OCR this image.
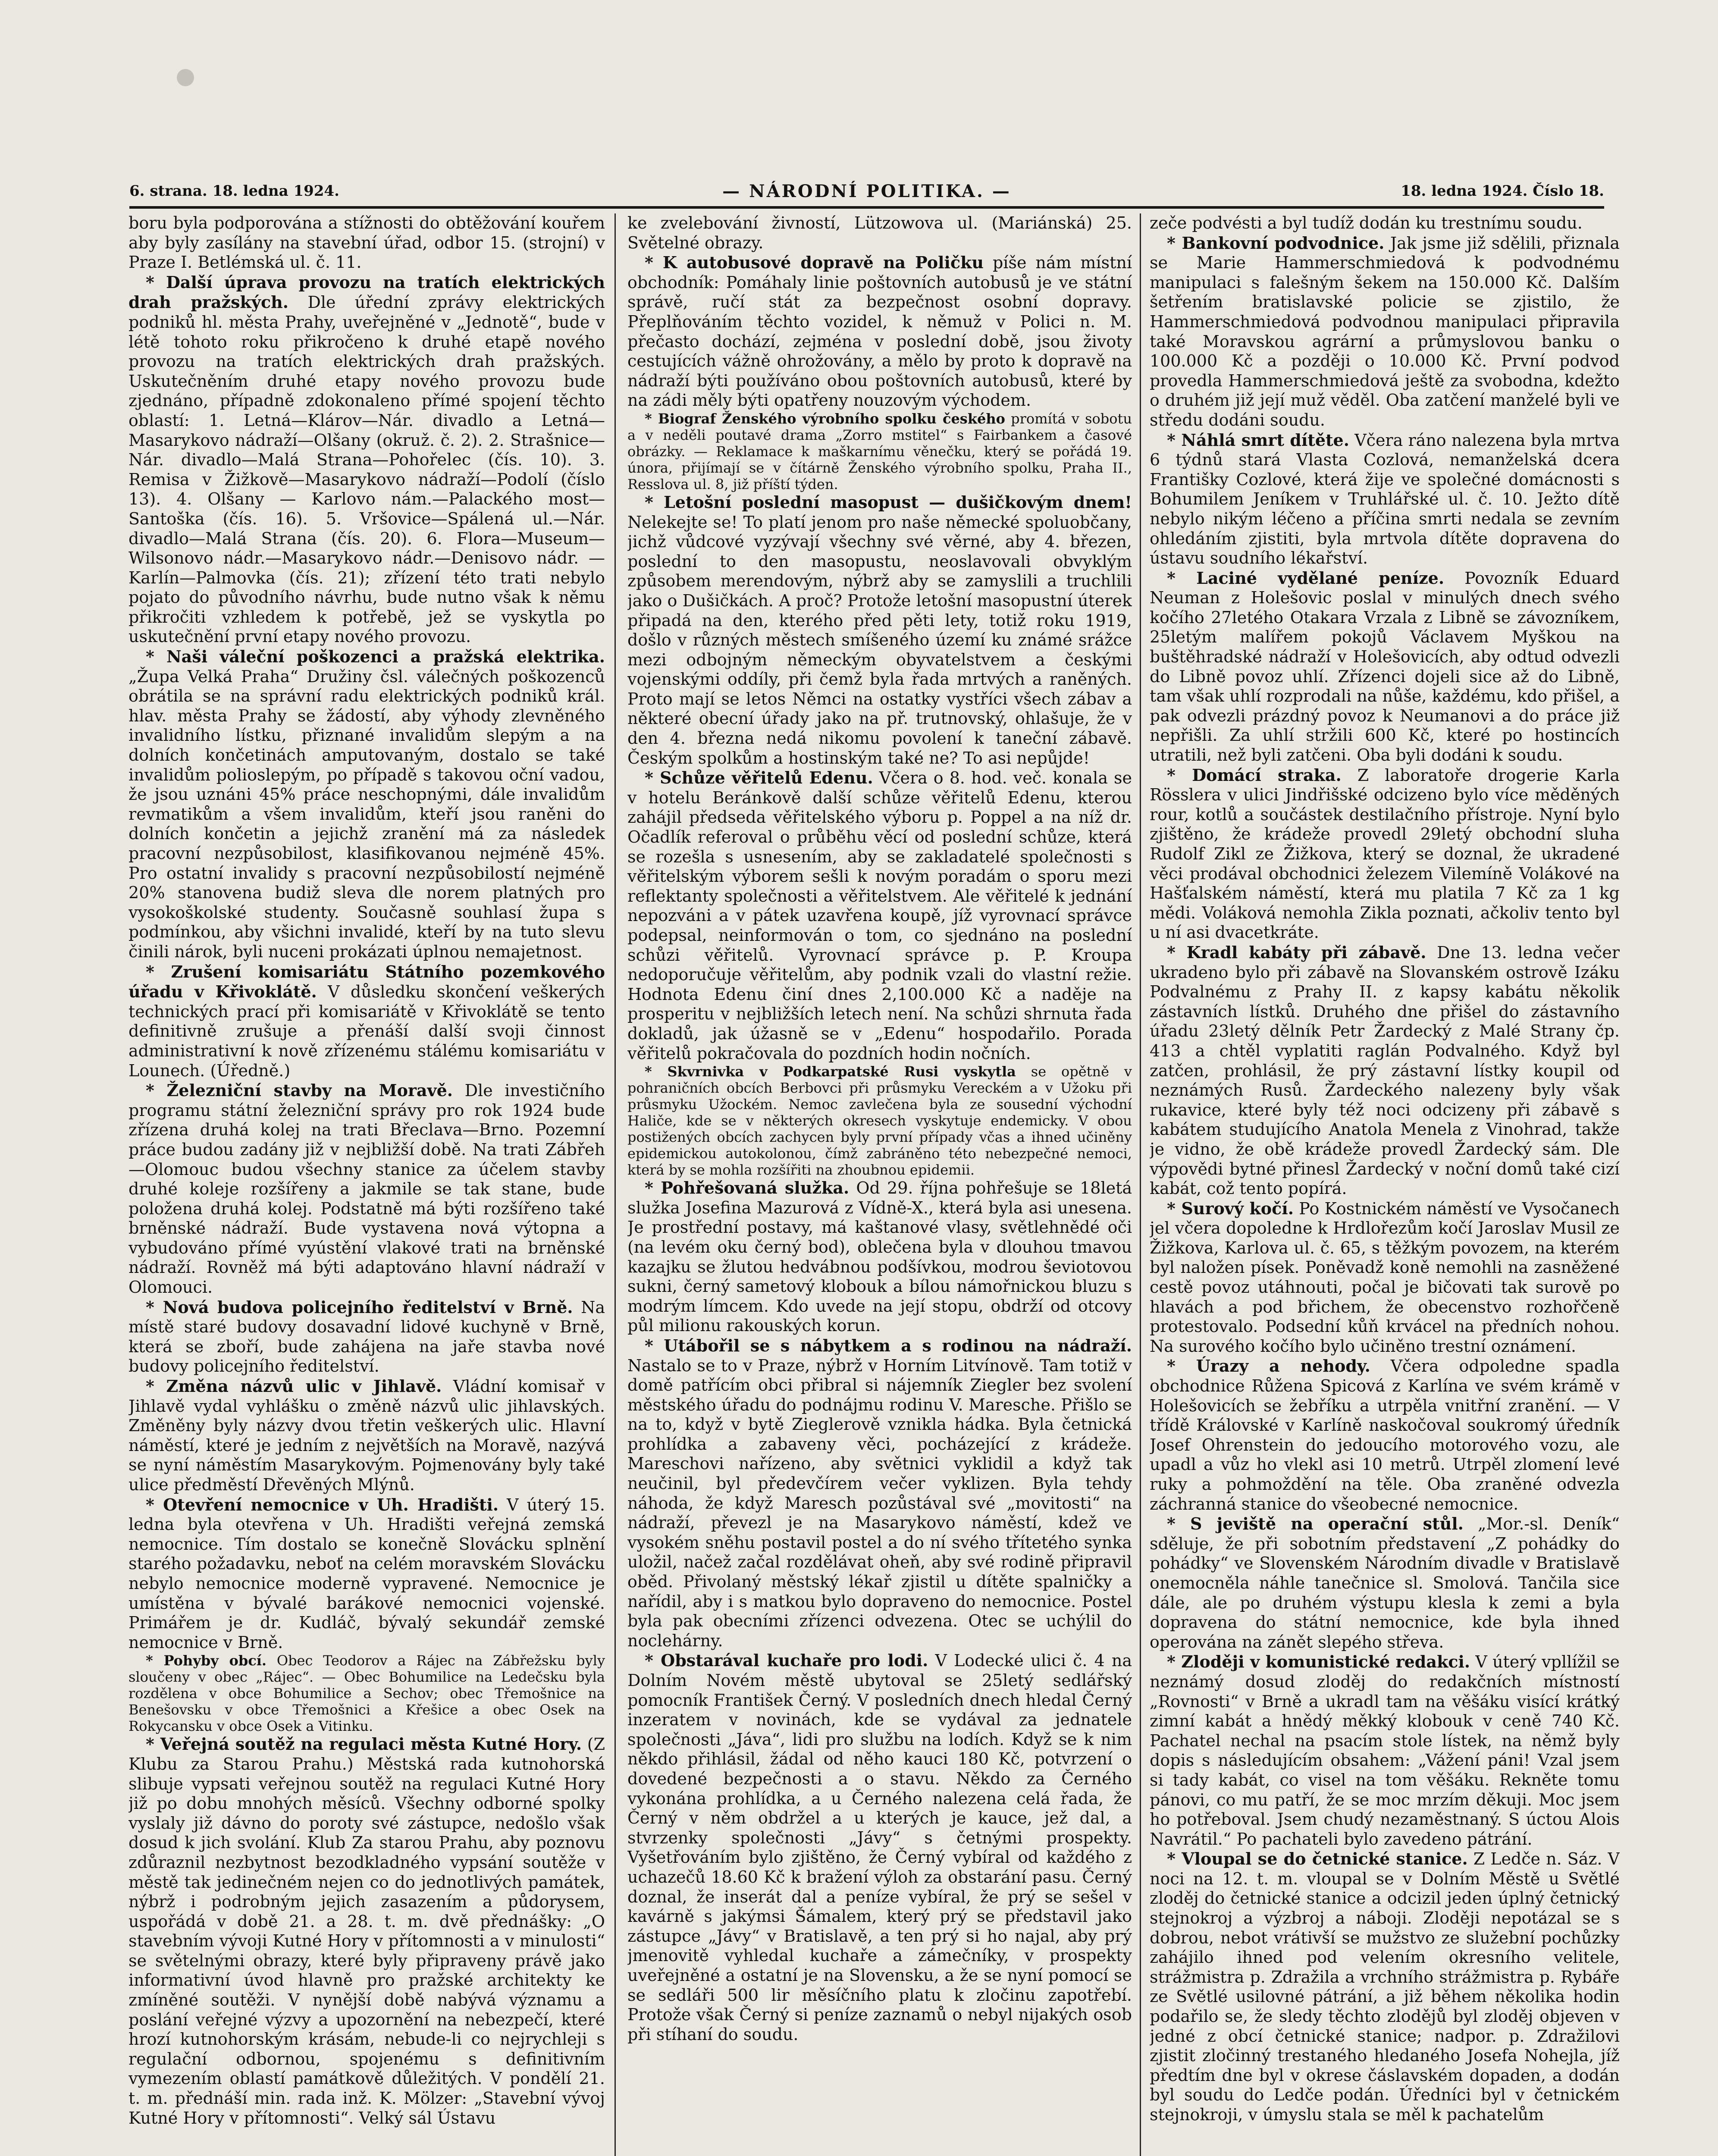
6. strana. 18. ledna 1924.	— NÁRODNÍ POLITIKA. —	18. ledna 1924. Číslo 18.

boru byla podporována a stížnosti do obtěžování kouřem aby byly zasílány na stavební úřad, odbor 15. (strojní) v Praze I. Betlémská ul. č. 11.

* Další úprava provozu na tratích elektrických drah pražských. Dle úřední zprávy elektrických podniků hl. města Prahy, uveřejněné v „Jednotě“, bude v létě tohoto roku přikročeno k druhé etapě nového provozu na tratích elektrických drah pražských. Uskutečněním druhé etapy nového provozu bude zjednáno, případně zdokonaleno přímé spojení těchto oblastí: 1. Letná—Klárov—Nár. divadlo a Letná—Masarykovo nádraží—Olšany (okruž. č. 2). 2. Strašnice—Nár. divadlo—Malá Strana—Pohořelec (čís. 10). 3. Remisa v Žižkově—Masarykovo nádraží—Podolí (číslo 13). 4. Olšany — Karlovo nám.—Palackého most—Santoška (čís. 16). 5. Vršovice—Spálená ul.—Nár. divadlo—Malá Strana (čís. 20). 6. Flora—Museum—Wilsonovo nádr.—Masarykovo nádr.—Denisovo nádr. — Karlín—Palmovka (čís. 21); zřízení této trati nebylo pojato do původního návrhu, bude nutno však k němu přikročiti vzhledem k potřebě, jež se vyskytla po uskutečnění první etapy nového provozu.

* Naši váleční poškozenci a pražská elektrika. „Župa Velká Praha“ Družiny čsl. válečných poškozenců obrátila se na správní radu elektrických podniků král. hlav. města Prahy se žádostí, aby výhody zlevněného invalidního lístku, přiznané invalidům slepým a na dolních končetinách amputovaným, dostalo se také invalidům polioslepým, po případě s takovou oční vadou, že jsou uznáni 45% práce neschopnými, dále invalidům revmatikům a všem invalidům, kteří jsou raněni do dolních končetin a jejichž zranění má za následek pracovní nezpůsobilost, klasifikovanou nejméně 45%. Pro ostatní invalidy s pracovní nezpůsobilostí nejméně 20% stanovena budiž sleva dle norem platných pro vysokoškolské studenty. Současně souhlasí župa s podmínkou, aby všichni invalidé, kteří by na tuto slevu činili nárok, byli nuceni prokázati úplnou nemajetnost.

* Zrušení komisariátu Státního pozemkového úřadu v Křivoklátě. V důsledku skončení veškerých technických prací při komisariátě v Křivoklátě se tento definitivně zrušuje a přenáší další svoji činnost administrativní k nově zřízenému stálému komisariátu v Lounech. (Úředně.)

* Železniční stavby na Moravě. Dle investičního programu státní železniční správy pro rok 1924 bude zřízena druhá kolej na trati Břeclava—Brno. Pozemní práce budou zadány již v nejbližší době. Na trati Zábřeh—Olomouc budou všechny stanice za účelem stavby druhé koleje rozšířeny a jakmile se tak stane, bude položena druhá kolej. Podstatně má býti rozšířeno také brněnské nádraží. Bude vystavena nová výtopna a vybudováno přímé vyústění vlakové trati na brněnské nádraží. Rovněž má býti adaptováno hlavní nádraží v Olomouci.

* Nová budova policejního ředitelství v Brně. Na místě staré budovy dosavadní lidové kuchyně v Brně, která se zboří, bude zahájena na jaře stavba nové budovy policejního ředitelství.

* Změna názvů ulic v Jihlavě. Vládní komisař v Jihlavě vydal vyhlášku o změně názvů ulic jihlavských. Změněny byly názvy dvou třetin veškerých ulic. Hlavní náměstí, které je jedním z největších na Moravě, nazývá se nyní náměstím Masarykovým. Pojmenovány byly také ulice předměstí Dřevěných Mlýnů.

* Otevření nemocnice v Uh. Hradišti. V úterý 15. ledna byla otevřena v Uh. Hradišti veřejná zemská nemocnice. Tím dostalo se konečně Slovácku splnění starého požadavku, neboť na celém moravském Slovácku nebylo nemocnice moderně vypravené. Nemocnice je umístěna v bývalé barákové nemocnici vojenské. Primářem je dr. Kudláč, bývalý sekundář zemské nemocnice v Brně.

* Pohyby obcí. Obec Teodorov a Rájec na Zábřežsku byly sloučeny v obec „Rájec“. — Obec Bohumilice na Ledečsku byla rozdělena v obce Bohumilice a Sechov; obec Třemošnice na Benešovsku v obce Třemošnici a Křešice a obec Osek na Rokycansku v obce Osek a Vitinku.

* Veřejná soutěž na regulaci města Kutné Hory. (Z Klubu za Starou Prahu.) Městská rada kutnohorská slibuje vypsati veřejnou soutěž na regulaci Kutné Hory již po dobu mnohých měsíců. Všechny odborné spolky vyslaly již dávno do poroty své zástupce, nedošlo však dosud k jich svolání. Klub Za starou Prahu, aby poznovu zdůraznil nezbytnost bezodkladného vypsání soutěže v městě tak jedinečném nejen co do jednotlivých památek, nýbrž i podrobným jejich zasazením a půdorysem, uspořádá v době 21. a 28. t. m. dvě přednášky: „O stavebním vývoji Kutné Hory v přítomnosti a v minulosti“ se světelnými obrazy, které byly připraveny právě jako informativní úvod hlavně pro pražské architekty ke zmíněné soutěži. V nynější době nabývá významu a poslání veřejné výzvy a upozornění na nebezpečí, které hrozí kutnohorským krásám, nebude-li co nejrychleji s regulační odbornou, spojenému s definitivním vymezením oblastí památkově důležitých. V pondělí 21. t. m. přednáší min. rada inž. K. Mölzer: „Stavební vývoj Kutné Hory v přítomnosti“. Velký sál Ústavu

ke zvelebování živností, Lützowova ul. (Mariánská) 25. Světelné obrazy.

* K autobusové dopravě na Poličku píše nám místní obchodník: Pomáhaly linie poštovních autobusů je ve státní správě, ručí stát za bezpečnost osobní dopravy. Přeplňováním těchto vozidel, k němuž v Polici n. M. přečasto dochází, zejména v poslední době, jsou životy cestujících vážně ohrožovány, a mělo by proto k dopravě na nádraží býti používáno obou poštovních autobusů, které by na zádi měly býti opatřeny nouzovým východem.

* Biograf Ženského výrobního spolku českého promítá v sobotu a v neděli poutavé drama „Zorro mstitel“ s Fairbankem a časové obrázky. — Reklamace k maškarnímu věnečku, který se pořádá 19. února, přijímají se v čítárně Ženského výrobního spolku, Praha II., Resslova ul. 8, již příští týden.

* Letošní poslední masopust — dušičkovým dnem! Nelekejte se! To platí jenom pro naše německé spoluobčany, jichž vůdcové vyzývají všechny své věrné, aby 4. březen, poslední to den masopustu, neoslavovali obvyklým způsobem merendovým, nýbrž aby se zamyslili a truchlili jako o Dušičkách. A proč? Protože letošní masopustní úterek připadá na den, kterého před pěti lety, totiž roku 1919, došlo v různých městech smíšeného území ku známé srážce mezi odbojným německým obyvatelstvem a českými vojenskými oddíly, při čemž byla řada mrtvých a raněných. Proto mají se letos Němci na ostatky vystříci všech zábav a některé obecní úřady jako na př. trutnovský, ohlašuje, že v den 4. března nedá nikomu povolení k taneční zábavě. Českým spolkům a hostinským také ne? To asi nepůjde!

* Schůze věřitelů Edenu. Včera o 8. hod. več. konala se v hotelu Beránkově další schůze věřitelů Edenu, kterou zahájil předseda věřitelského výboru p. Poppel a na níž dr. Očadlík referoval o průběhu věcí od poslední schůze, která se rozešla s usnesením, aby se zakladatelé společnosti s věřitelským výborem sešli k novým poradám o sporu mezi reflektanty společnosti a věřitelstvem. Ale věřitelé k jednání nepozváni a v pátek uzavřena koupě, jíž vyrovnací správce podepsal, neinformován o tom, co sjednáno na poslední schůzi věřitelů. Vyrovnací správce p. P. Kroupa nedoporučuje věřitelům, aby podnik vzali do vlastní režie. Hodnota Edenu činí dnes 2,100.000 Kč a naděje na prosperitu v nejbližších letech není. Na schůzi shrnuta řada dokladů, jak úžasně se v „Edenu“ hospodařilo. Porada věřitelů pokračovala do pozdních hodin nočních.

* Skvrnivka v Podkarpatské Rusi vyskytla se opětně v pohraničních obcích Berbovci při průsmyku Vereckém a v Užoku při průsmyku Užockém. Nemoc zavlečena byla ze sousední východní Haliče, kde se v některých okresech vyskytuje endemicky. V obou postižených obcích zachycen byly první případy včas a ihned učiněny epidemickou autokolonou, čímž zabráněno této nebezpečné nemoci, která by se mohla rozšířiti na zhoubnou epidemii.

* Pohřešovaná služka. Od 29. října pohřešuje se 18letá služka Josefina Mazurová z Vídně-X., která byla asi unesena. Je prostřední postavy, má kaštanové vlasy, světlehnědé oči (na levém oku černý bod), oblečena byla v dlouhou tmavou kazajku se žlutou hedvábnou podšívkou, modrou ševiotovou sukni, černý sametový klobouk a bílou námořnickou bluzu s modrým límcem. Kdo uvede na její stopu, obdrží od otcovy půl milionu rakouských korun.

* Utábořil se s nábytkem a s rodinou na nádraží. Nastalo se to v Praze, nýbrž v Horním Litvínově. Tam totiž v domě patřícím obci přibral si nájemník Ziegler bez svolení městského úřadu do podnájmu rodinu V. Maresche. Přišlo se na to, když v bytě Zieglerově vznikla hádka. Byla četnická prohlídka a zabaveny věci, pocházející z krádeže. Mareschovi nařízeno, aby světnici vyklidil a když tak neučinil, byl předevčírem večer vyklizen. Byla tehdy náhoda, že když Maresch pozůstával své „movitosti“ na nádraží, převezl je na Masarykovo náměstí, kdež ve vysokém sněhu postavil postel a do ní svého třítetého synka uložil, načež začal rozdělávat oheň, aby své rodině připravil oběd. Přivolaný městský lékař zjistil u dítěte spalničky a nařídil, aby i s matkou bylo dopraveno do nemocnice. Postel byla pak obecními zřízenci odvezena. Otec se uchýlil do noclehárny.

* Obstarával kuchaře pro lodi. V Lodecké ulici č. 4 na Dolním Novém městě ubytoval se 25letý sedlářský pomocník František Černý. V posledních dnech hledal Černý inzeratem v novinách, kde se vydával za jednatele společnosti „Jáva“, lidi pro službu na lodích. Když se k nim někdo přihlásil, žádal od něho kauci 180 Kč, potvrzení o dovedené bezpečnosti a o stavu. Někdo za Černého vykonána prohlídka, a u Černého nalezena celá řada, že Černý v něm obdržel a u kterých je kauce, jež dal, a stvrzenky společnosti „Jávy“ s četnými prospekty. Vyšetřováním bylo zjištěno, že Černý vybíral od každého z uchazečů 18.60 Kč k bražení výloh za obstarání pasu. Černý doznal, že inserát dal a peníze vybíral, že prý se sešel v kavárně s jakýmsi Šámalem, který prý se představil jako zástupce „Jávy“ v Bratislavě, a ten prý si ho najal, aby prý jmenovitě vyhledal kuchaře a zámečníky, v prospekty uveřejněné a ostatní je na Slovensku, a že se nyní pomocí se se sedláři 500 lir měsíčního platu k zločinu zapotřebí. Protože však Černý si peníze zaznamů o nebyl nijakých osob při stíhaní do soudu.

zeče podvésti a byl tudíž dodán ku trestnímu soudu.

* Bankovní podvodnice. Jak jsme již sdělili, přiznala se Marie Hammerschmiedová k podvodnému manipulaci s falešným šekem na 150.000 Kč. Dalším šetřením bratislavské policie se zjistilo, že Hammerschmiedová podvodnou manipulaci připravila také Moravskou agrární a průmyslovou banku o 100.000 Kč a později o 10.000 Kč. První podvod provedla Hammerschmiedová ještě za svobodna, kdežto o druhém již její muž věděl. Oba zatčení manželé byli ve středu dodáni soudu.

* Náhlá smrt dítěte. Včera ráno nalezena byla mrtva 6 týdnů stará Vlasta Cozlová, nemanželská dcera Františky Cozlové, která žije ve společné domácnosti s Bohumilem Jeníkem v Truhlářské ul. č. 10. Ježto dítě nebylo nikým léčeno a příčina smrti nedala se zevním ohledáním zjistiti, byla mrtvola dítěte dopravena do ústavu soudního lékařství.

* Laciné vydělané peníze. Povozník Eduard Neuman z Holešovic poslal v minulých dnech svého kočího 27letého Otakara Vrzala z Libně se závozníkem, 25letým malířem pokojů Václavem Myškou na buštěhradské nádraží v Holešovicích, aby odtud odvezli do Libně povoz uhlí. Zřízenci dojeli sice až do Libně, tam však uhlí rozprodali na nůše, každému, kdo přišel, a pak odvezli prázdný povoz k Neumanovi a do práce již nepřišli. Za uhlí stržili 600 Kč, které po hostincích utratili, než byli zatčeni. Oba byli dodáni k soudu.

* Domácí straka. Z laboratoře drogerie Karla Rösslera v ulici Jindřišské odcizeno bylo více měděných rour, kotlů a součástek destilačního přístroje. Nyní bylo zjištěno, že krádeže provedl 29letý obchodní sluha Rudolf Zikl ze Žižkova, který se doznal, že ukradené věci prodával obchodnici železem Vilemíně Volákové na Hašťalském náměstí, která mu platila 7 Kč za 1 kg mědi. Voláková nemohla Zikla poznati, ačkoliv tento byl u ní asi dvacetkráte.

* Kradl kabáty při zábavě. Dne 13. ledna večer ukradeno bylo při zábavě na Slovanském ostrově Izáku Podvalnému z Prahy II. z kapsy kabátu několik zástavních lístků. Druhého dne přišel do zástavního úřadu 23letý dělník Petr Žardecký z Malé Strany čp. 413 a chtěl vyplatiti raglán Podvalného. Když byl zatčen, prohlásil, že prý zástavní lístky koupil od neznámých Rusů. Žardeckého nalezeny byly však rukavice, které byly též noci odcizeny při zábavě s kabátem studujícího Anatola Menela z Vinohrad, takže je vidno, že obě krádeže provedl Žardecký sám. Dle výpovědi bytné přinesl Žardecký v noční domů také cizí kabát, což tento popírá.

* Surový kočí. Po Kostnickém náměstí ve Vysočanech jel včera dopoledne k Hrdlořezům kočí Jaroslav Musil ze Žižkova, Karlova ul. č. 65, s těžkým povozem, na kterém byl naložen písek. Poněvadž koně nemohli na zasněžené cestě povoz utáhnouti, počal je bičovati tak surově po hlavách a pod břichem, že obecenstvo rozhořčeně protestovalo. Podsední kůň krvácel na předních nohou. Na surového kočího bylo učiněno trestní oznámení.

* Úrazy a nehody. Včera odpoledne spadla obchodnice Růžena Spicová z Karlína ve svém krámě v Holešovicích se žebříku a utrpěla vnitřní zranění. — V třídě Královské v Karlíně naskočoval soukromý úředník Josef Ohrenstein do jedoucího motorového vozu, ale upadl a vůz ho vlekl asi 10 metrů. Utrpěl zlomení levé ruky a pohmoždění na těle. Oba zraněné odvezla záchranná stanice do všeobecné nemocnice.

* S jeviště na operační stůl. „Mor.-sl. Deník“ sděluje, že při sobotním představení „Z pohádky do pohádky“ ve Slovenském Národním divadle v Bratislavě onemocněla náhle tanečnice sl. Smolová. Tančila sice dále, ale po druhém výstupu klesla k zemi a byla dopravena do státní nemocnice, kde byla ihned operována na zánět slepého střeva.

* Zloději v komunistické redakci. V úterý vpllížil se neznámý dosud zloděj do redakčních místností „Rovnosti“ v Brně a ukradl tam na věšáku visící krátký zimní kabát a hnědý měkký klobouk v ceně 740 Kč. Pachatel nechal na psacím stole lístek, na němž byly dopis s následujícím obsahem: „Vážení páni! Vzal jsem si tady kabát, co visel na tom věšáku. Rekněte tomu pánovi, co mu patří, že se moc mrzím děkuji. Moc jsem ho potřeboval. Jsem chudý nezaměstnaný. S úctou Alois Navrátil.“ Po pachateli bylo zavedeno pátrání.

* Vloupal se do četnické stanice. Z Ledče n. Sáz. V noci na 12. t. m. vloupal se v Dolním Městě u Světlé zloděj do četnické stanice a odcizil jeden úplný četnický stejnokroj a výzbroj a náboji. Zloději nepotázal se s dobrou, nebot vrátivší se mužstvo ze služební pochůzky zahájilo ihned pod velením okresního velitele, strážmistra p. Zdražila a vrchního strážmistra p. Rybáře ze Světlé usilovné pátrání, a již během několika hodin podařilo se, že sledy těchto zlodějů byl zloděj objeven v jedné z obcí četnické stanice; nadpor. p. Zdražilovi zjistit zločinný trestaného hledaného Josefa Nohejla, jíž předtím dne byl v okrese čáslavském dopaden, a dodán byl soudu do Ledče podán. Úředníci byl v četnickém stejnokroji, v úmyslu stala se měl k pachatelům
